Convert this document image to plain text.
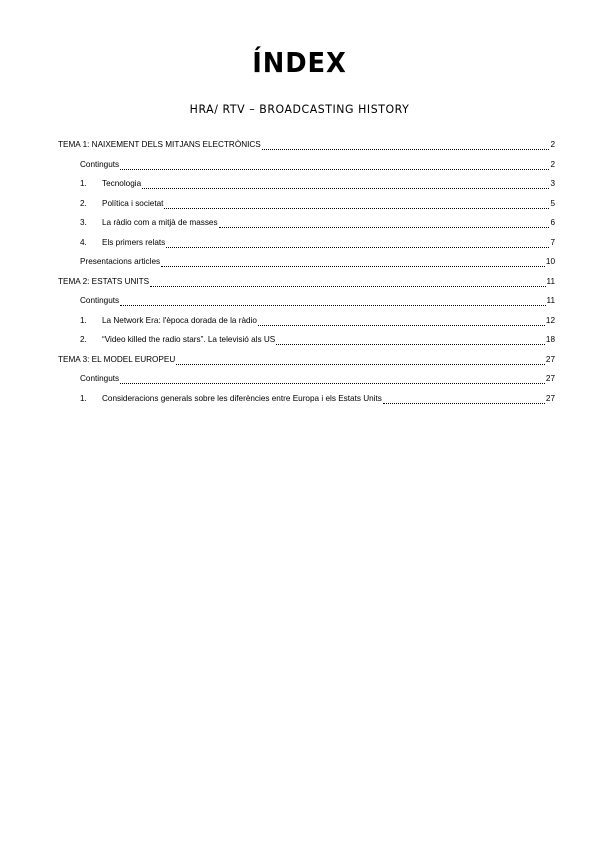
ÍNDEX
HRA/ RTV – BROADCASTING HISTORY
TEMA 1: NAIXEMENT DELS MITJANS ELECTRÒNICS	2
Continguts	2
1.	Tecnologia	3
2.	Política i societat	5
3.	La ràdio com a mitjà de masses	6
4.	Els primers relats	7
Presentacions articles	10
TEMA 2: ESTATS UNITS	11
Continguts	11
1.	La Network Era: l'època dorada de la ràdio	12
2.	“Video killed the radio stars”. La televisió als US	18
TEMA 3: EL MODEL EUROPEU	27
Continguts	27
1.	Consideracions generals sobre les diferències entre Europa i els Estats Units	27
